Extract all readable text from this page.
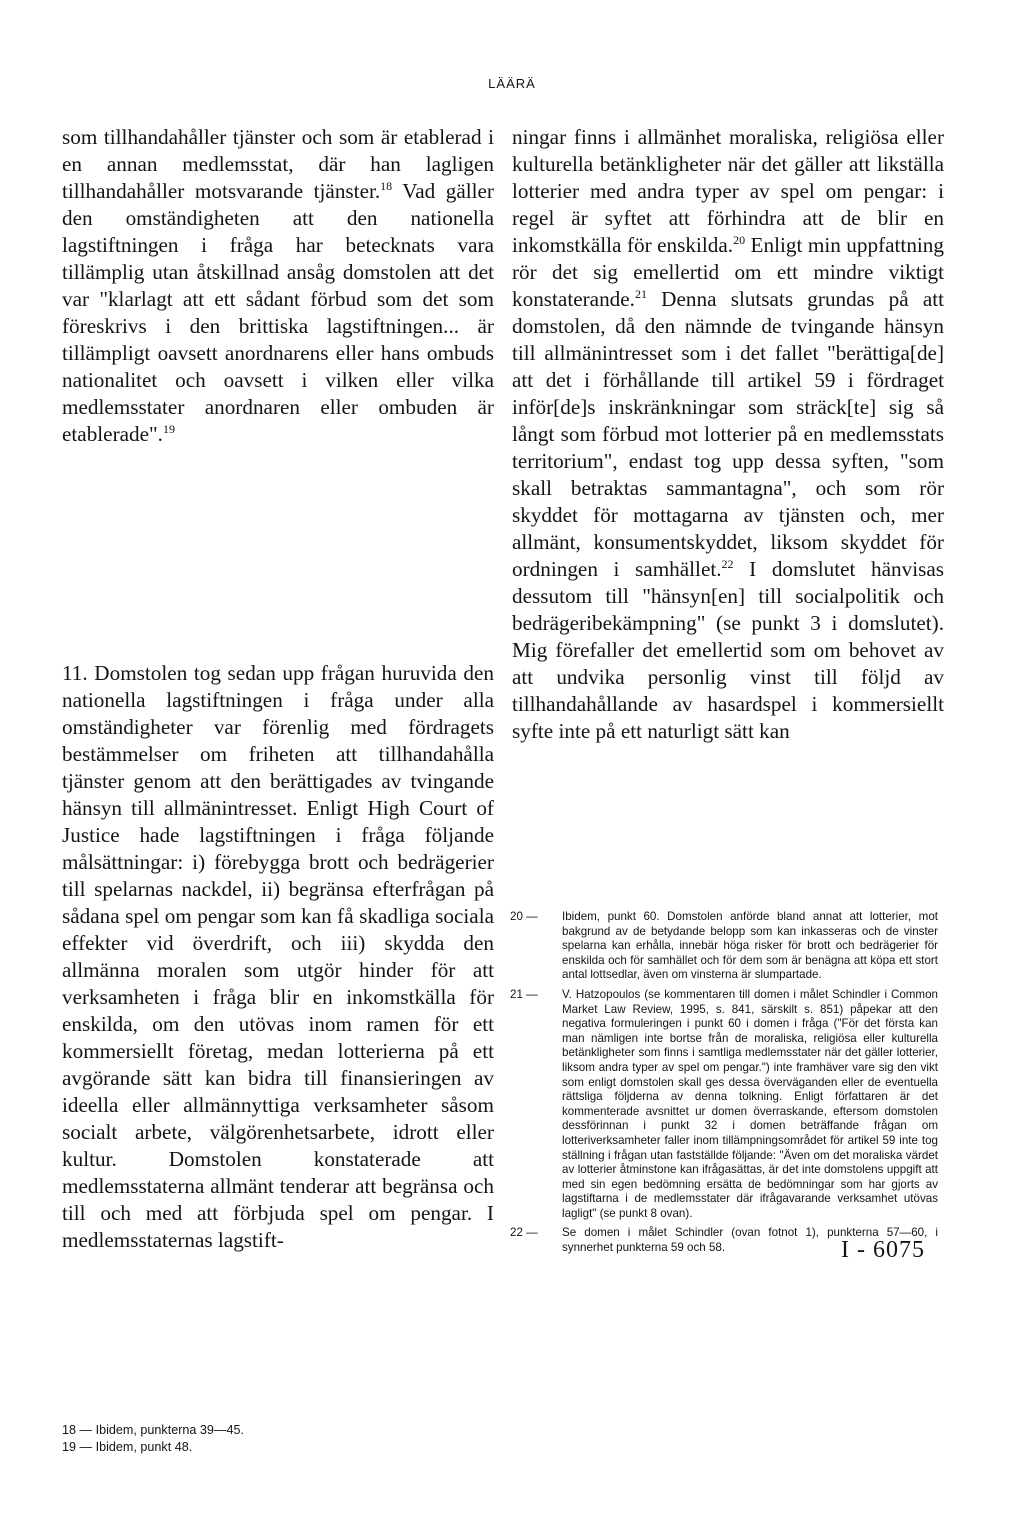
LÄÄRÄ

som tillhandahåller tjänster och som är etablerad i en annan medlemsstat, där han lagligen tillhandahåller motsvarande tjänster.$^{18}$ Vad gäller den omständigheten att den nationella lagstiftningen i fråga har betecknats vara tillämplig utan åtskillnad ansåg domstolen att det var "klarlagt att ett sådant förbud som det som föreskrivs i den brittiska lagstiftningen... är tillämpligt oavsett anordnarens eller hans ombuds nationalitet och oavsett i vilken eller vilka medlemsstater anordnaren eller ombuden är etablerade".$^{19}$

11. Domstolen tog sedan upp frågan huruvida den nationella lagstiftningen i fråga under alla omständigheter var förenlig med fördragets bestämmelser om friheten att tillhandahålla tjänster genom att den berättigades av tvingande hänsyn till allmänintresset. Enligt High Court of Justice hade lagstiftningen i fråga följande målsättningar: i) förebygga brott och bedrägerier till spelarnas nackdel, ii) begränsa efterfrågan på sådana spel om pengar som kan få skadliga sociala effekter vid överdrift, och iii) skydda den allmänna moralen som utgör hinder för att verksamheten i fråga blir en inkomstkälla för enskilda, om den utövas inom ramen för ett kommersiellt företag, medan lotterierna på ett avgörande sätt kan bidra till finansieringen av ideella eller allmännyttiga verksamheter såsom socialt arbete, välgörenhetsarbete, idrott eller kultur. Domstolen konstaterade att medlemsstaterna allmänt tenderar att begränsa och till och med att förbjuda spel om pengar. I medlemsstaternas lagstift-

ningar finns i allmänhet moraliska, religiösa eller kulturella betänkligheter när det gäller att likställa lotterier med andra typer av spel om pengar: i regel är syftet att förhindra att de blir en inkomstkälla för enskilda.$^{20}$ Enligt min uppfattning rör det sig emellertid om ett mindre viktigt konstaterande.$^{21}$ Denna slutsats grundas på att domstolen, då den nämnde de tvingande hänsyn till allmänintresset som i det fallet "berättiga[de] att det i förhållande till artikel 59 i fördraget inför[de]s inskränkningar som sträck[te] sig så långt som förbud mot lotterier på en medlemsstats territorium", endast tog upp dessa syften, "som skall betraktas sammantagna", och som rör skyddet för mottagarna av tjänsten och, mer allmänt, konsumentskyddet, liksom skyddet för ordningen i samhället.$^{22}$ I domslutet hänvisas dessutom till "hänsyn[en] till socialpolitik och bedrägeribekämpning" (se punkt 3 i domslutet). Mig förefaller det emellertid som om behovet av att undvika personlig vinst till följd av tillhandahållande av hasardspel i kommersiellt syfte inte på ett naturligt sätt kan

20 —	Ibidem, punkt 60. Domstolen anförde bland annat att lotterier, mot bakgrund av de betydande belopp som kan inkasseras och de vinster spelarna kan erhålla, innebär höga risker för brott och bedrägerier för enskilda och för samhället och för dem som är benägna att köpa ett stort antal lottsedlar, även om vinsterna är slumpartade.
21 —	V. Hatzopoulos (se kommentaren till domen i målet Schindler i Common Market Law Review, 1995, s. 841, särskilt s. 851) påpekar att den negativa formuleringen i punkt 60 i domen i fråga ("För det första kan man nämligen inte bortse från de moraliska, religiösa eller kulturella betänkligheter som finns i samtliga medlemsstater när det gäller lotterier, liksom andra typer av spel om pengar.") inte framhäver vare sig den vikt som enligt domstolen skall ges dessa överväganden eller de eventuella rättsliga följderna av denna tolkning. Enligt författaren är det kommenterade avsnittet ur domen överraskande, eftersom domstolen dessförinnan i punkt 32 i domen beträffande frågan om lotteriverksamheter faller inom tillämpningsområdet för artikel 59 inte tog ställning i frågan utan fastställde följande: "Även om det moraliska värdet av lotterier åtminstone kan ifrågasättas, är det inte domstolens uppgift att med sin egen bedömning ersätta de bedömningar som har gjorts av lagstiftarna i de medlemsstater där ifrågavarande verksamhet utövas lagligt" (se punkt 8 ovan).
22 —	Se domen i målet Schindler (ovan fotnot 1), punkterna 57—60, i synnerhet punkterna 59 och 58.

18 — Ibidem, punkterna 39—45.

19 — Ibidem, punkt 48.

I - 6075
